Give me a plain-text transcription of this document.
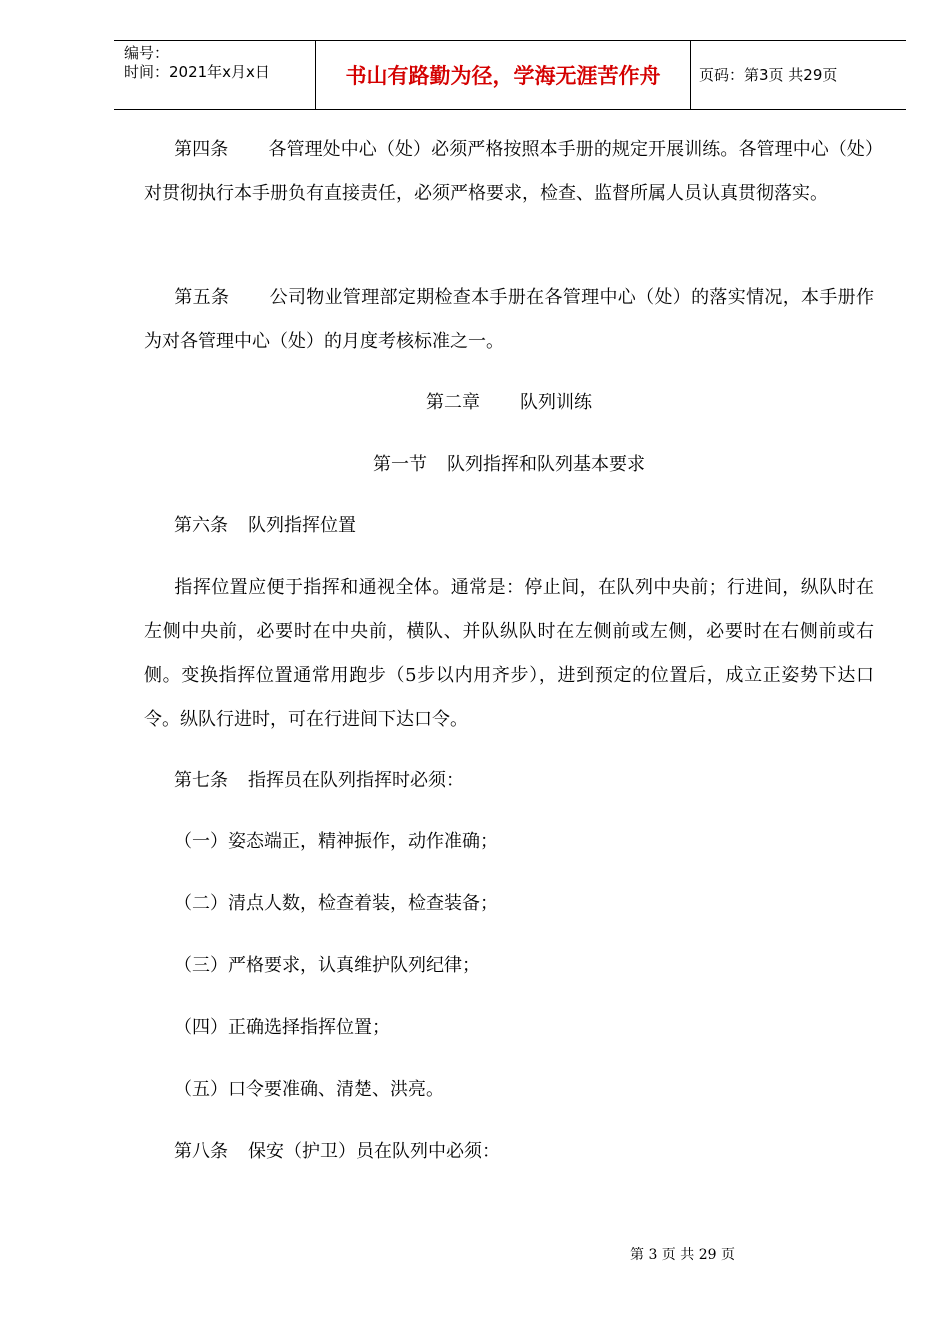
编号：
时间：2021年x月x日	书山有路勤为径，学海无涯苦作舟	页码：第3页 共29页

第四条 各管理处中心（处）必须严格按照本手册的规定开展训练。各管理中心（处）对贯彻执行本手册负有直接责任，必须严格要求，检查、监督所属人员认真贯彻落实。

第五条 公司物业管理部定期检查本手册在各管理中心（处）的落实情况，本手册作为对各管理中心（处）的月度考核标准之一。

第二章 队列训练

第一节 队列指挥和队列基本要求

第六条 队列指挥位置

指挥位置应便于指挥和通视全体。通常是：停止间，在队列中央前；行进间，纵队时在左侧中央前，必要时在中央前，横队、并队纵队时在左侧前或左侧，必要时在右侧前或右侧。变换指挥位置通常用跑步（5步以内用齐步），进到预定的位置后，成立正姿势下达口令。纵队行进时，可在行进间下达口令。

第七条 指挥员在队列指挥时必须：

（一）姿态端正，精神振作，动作准确；

（二）清点人数，检查着装，检查装备；

（三）严格要求，认真维护队列纪律；

（四）正确选择指挥位置；

（五）口令要准确、清楚、洪亮。

第八条 保安（护卫）员在队列中必须：

第 3 页 共 29 页
